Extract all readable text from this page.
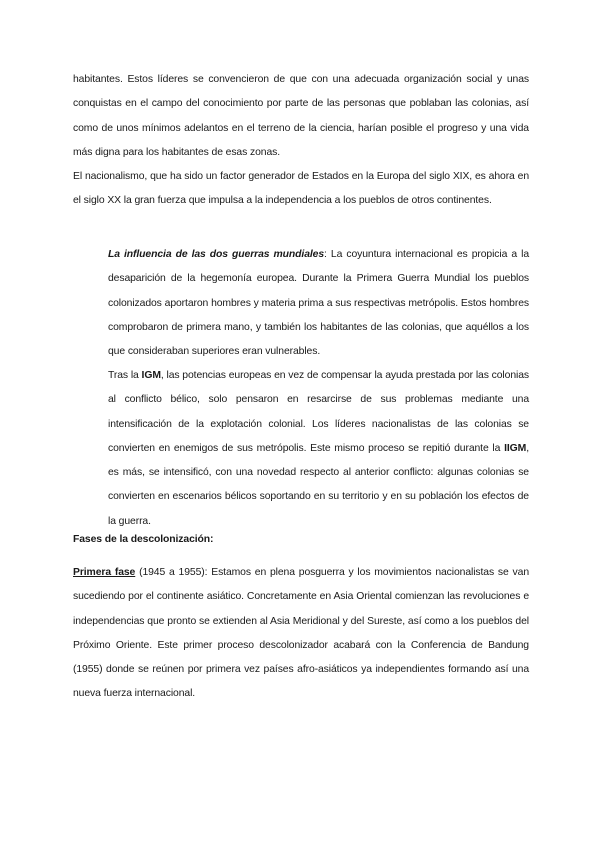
habitantes. Estos líderes se convencieron de que con una adecuada organización social y unas conquistas en el campo del conocimiento por parte de las personas que poblaban las colonias, así como de unos mínimos adelantos en el terreno de la ciencia, harían posible el progreso y una vida más digna para los habitantes de esas zonas.

El nacionalismo, que ha sido un factor generador de Estados en la Europa del siglo XIX, es ahora en el siglo XX la gran fuerza que impulsa a la independencia a los pueblos de otros continentes.

La influencia de las dos guerras mundiales: La coyuntura internacional es propicia a la desaparición de la hegemonía europea. Durante la Primera Guerra Mundial los pueblos colonizados aportaron hombres y materia prima a sus respectivas metrópolis. Estos hombres comprobaron de primera mano, y también los habitantes de las colonias, que aquéllos a los que consideraban superiores eran vulnerables.

Tras la IGM, las potencias europeas en vez de compensar la ayuda prestada por las colonias al conflicto bélico, solo pensaron en resarcirse de sus problemas mediante una intensificación de la explotación colonial. Los líderes nacionalistas de las colonias se convierten en enemigos de sus metrópolis. Este mismo proceso se repitió durante la IIGM, es más, se intensificó, con una novedad respecto al anterior conflicto: algunas colonias se convierten en escenarios bélicos soportando en su territorio y en su población los efectos de la guerra.

Fases de la descolonización:

Primera fase (1945 a 1955): Estamos en plena posguerra y los movimientos nacionalistas se van sucediendo por el continente asiático. Concretamente en Asia Oriental comienzan las revoluciones e independencias que pronto se extienden al Asia Meridional y del Sureste, así como a los pueblos del Próximo Oriente. Este primer proceso descolonizador acabará con la Conferencia de Bandung (1955) donde se reúnen por primera vez países afro-asiáticos ya independientes formando así una nueva fuerza internacional.
